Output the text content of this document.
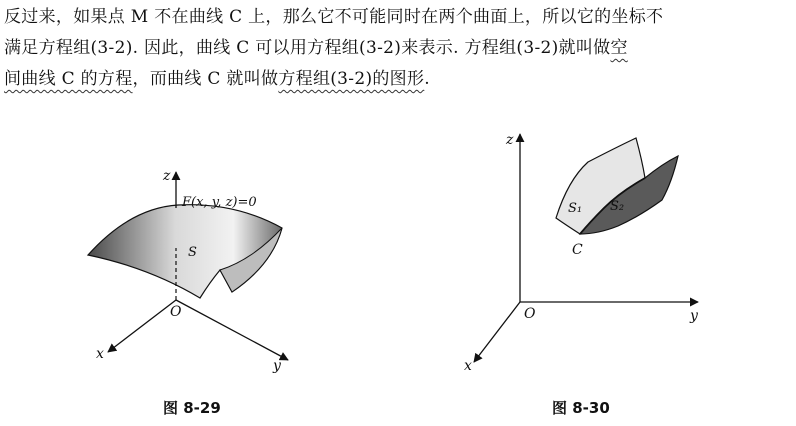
反过来，如果点 M 不在曲线 C 上，那么它不可能同时在两个曲面上，所以它的坐标不
满足方程组(3-2). 因此，曲线 C 可以用方程组(3-2)来表示. 方程组(3-2)就叫做空
间曲线 C 的方程，而曲线 C 就叫做方程组(3-2)的图形.
z
F(x, y, z)=0
S
O
x
y
图 8-29
z
S₁ S₂
C
O	y
x
图 8-30
